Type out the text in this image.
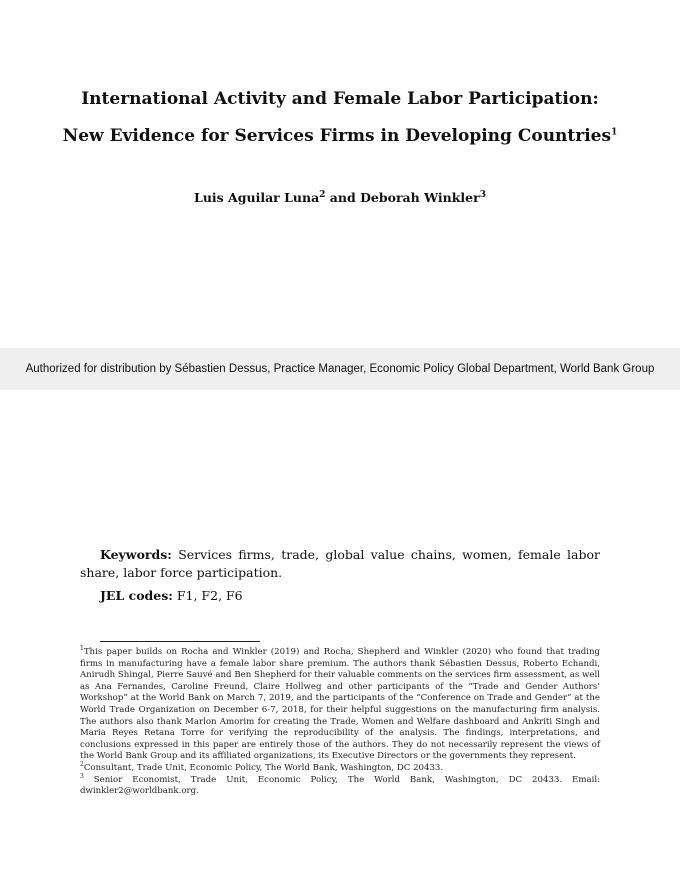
International Activity and Female Labor Participation:
New Evidence for Services Firms in Developing Countries$^1$
Luis Aguilar Luna$^2$ and Deborah Winkler$^3$
Authorized for distribution by Sébastien Dessus, Practice Manager, Economic Policy Global Department, World Bank Group
Keywords: Services firms, trade, global value chains, women, female labor share, labor force participation.
JEL codes: F1, F2, F6

$^1$This paper builds on Rocha and Winkler (2019) and Rocha, Shepherd and Winkler (2020) who found that trading firms in manufacturing have a female labor share premium. The authors thank Sébastien Dessus, Roberto Echandi, Anirudh Shingal, Pierre Sauvé and Ben Shepherd for their valuable comments on the services firm assessment, as well as Ana Fernandes, Caroline Freund, Claire Hollweg and other participants of the “Trade and Gender Authors’ Workshop” at the World Bank on March 7, 2019, and the participants of the “Conference on Trade and Gender” at the World Trade Organization on December 6-7, 2018, for their helpful suggestions on the manufacturing firm analysis. The authors also thank Marlon Amorim for creating the Trade, Women and Welfare dashboard and Ankriti Singh and Maria Reyes Retana Torre for verifying the reproducibility of the analysis. The findings, interpretations, and conclusions expressed in this paper are entirely those of the authors. They do not necessarily represent the views of the World Bank Group and its affiliated organizations, its Executive Directors or the governments they represent.

$^2$Consultant, Trade Unit, Economic Policy, The World Bank, Washington, DC 20433.

$^3$ Senior Economist, Trade Unit, Economic Policy, The World Bank, Washington, DC 20433. Email: dwinkler2@worldbank.org.
